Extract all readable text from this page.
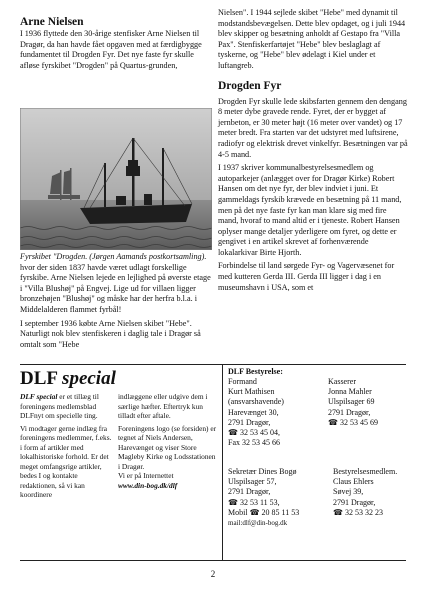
Arne Nielsen

I 1936 flyttede den 30-årige stenfisker Arne Nielsen til Dragør, da han havde fået opgaven med at færdigbygge fundamentet til Drogden Fyr. Det nye faste fyr skulle afløse fyrskibet "Drogden" på Quartus-grunden,

Fyrskibet "Drogden. (Jørgen Aamands postkortsamling).

hvor der siden 1837 havde været udlagt forskellige fyrskibe. Arne Nielsen lejede en lejlighed på øverste etage i "Villa Blushøj" på Engvej. Lige ud for villaen ligger bronzehøjen "Blushøj" og måske har der herfra b.l.a. i Middelalderen flammet fyrbål!

I september 1936 købte Arne Nielsen skibet "Hebe". Naturligt nok blev stenfiskeren i daglig tale i Dragør så omtalt som "Hebe

Nielsen". I 1944 sejlede skibet "Hebe" med dynamit til modstandsbevægelsen. Dette blev opdaget, og i juli 1944 blev skipper og besætning anholdt af Gestapo fra "Villa Pax". Stenfiskerfartøjet "Hebe" blev beslaglagt af tyskerne, og "Hebe" blev ødelagt i Kiel under et luftangreb.

Drogden Fyr

Drogden Fyr skulle lede skibsfarten gennem den dengang 8 meter dybe gravede rende. Fyret, der er bygget af jernbeton, er 30 meter højt (16 meter over vandet) og 17 meter bredt. Fra starten var det udstyret med luftsirene, radiofyr og elektrisk drevet vinkelfyr. Besætningen var på 4-5 mand.

I 1937 skriver kommunalbestyrelsesmedlem og autoparkejer (anlægget over for Dragør Kirke) Robert Hansen om det nye fyr, der blev indviet i juni. Et gammeldags fyrskib krævede en besætning på 11 mand, men på det nye faste fyr kan man klare sig med fire mand, hvoraf to mand altid er i tjeneste. Robert Hansen oplyser mange detaljer yderligere om fyret, og dette er gengivet i en artikel skrevet af forhenværende lokalarkivar Birte Hjorth.

Forbindelse til land sørgede Fyr- og Vagervæsenet for med kutteren Gerda III. Gerda III ligger i dag i en museumshavn i USA, som et

DLF special

DLF special er et tillæg til foreningens medlemsblad DLFnyt om specielle ting.

Vi modtager gerne indlæg fra foreningens medlemmer, f.eks. i form af artikler med lokalhistoriske forhold. Er det meget omfangsrige artikler, bedes I og kontakte redaktionen, så vi kan koordinere

indlæggene eller udgive dem i særlige hæfter. Eftertryk kun tilladt efter aftale.

Foreningens logo (se forsiden) er tegnet af Niels Andersen, Harevænget og viser Store Magleby Kirke og Lodsstationen i Dragør.

Vi er på Internettet

www.din-bog.dk/dlf

DLF Bestyrelse:

Formand

Kurt Mathisen

(ansvarshavende)

Harevænget 30,

2791 Dragør,

☎ 32 53 45 04,

Fax 32 53 45 66

Kasserer

Jonna Mahler

Ulspilsager 69

2791 Dragør,

☎ 32 53 45 69

Sekretær Dines Bogø

Ulspilsager 57,

2791 Dragør,

☎ 32 53 11 53,

Mobil ☎ 20 85 11 53

mail:dlf@din-bog.dk

Bestyrelsesmedlem.

Claus Ehlers

Søvej 39,

2791 Dragør,

☎ 32 53 32 23

2
